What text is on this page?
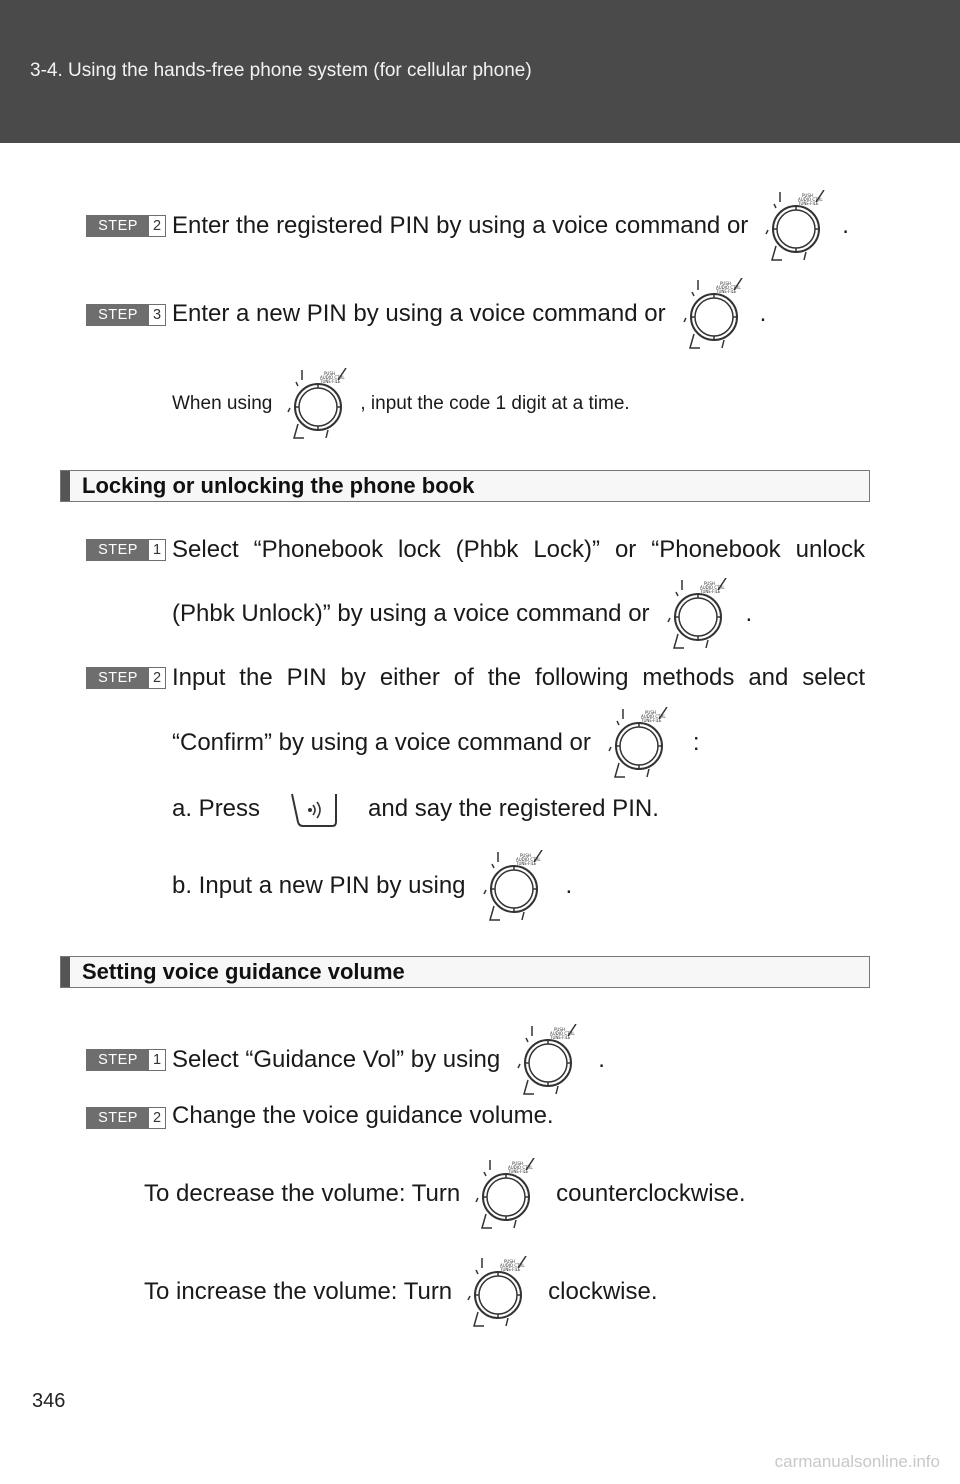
3-4. Using the hands-free phone system (for cellular phone)
STEP	2 Enter the registered PIN by using a voice command or
PUSH
AUDIO CTRL
TUNE·FILE
.
STEP	3 Enter a new PIN by using a voice command or
PUSH
AUDIO CTRL
TUNE·FILE
.
When using
PUSH
AUDIO CTRL
TUNE·FILE
, input the code 1 digit at a time.
Locking or unlocking the phone book
STEP	1 Select “Phonebook lock (Phbk Lock)” or “Phonebook unlock
(Phbk Unlock)” by using a voice command or
PUSH
AUDIO CTRL
TUNE·FILE
.
STEP	2 Input the PIN by either of the following methods and select
“Confirm” by using a voice command or
PUSH
AUDIO CTRL
TUNE·FILE
:
a. Press	and say the registered PIN.
b. Input a new PIN by using
PUSH
AUDIO CTRL
TUNE·FILE
.
Setting voice guidance volume
STEP	1 Select “Guidance Vol” by using
PUSH
AUDIO CTRL
TUNE·FILE
.
STEP	2 Change the voice guidance volume.
To decrease the volume: Turn
PUSH
AUDIO CTRL
TUNE·FILE
counterclockwise.
To increase the volume: Turn
PUSH
AUDIO CTRL
TUNE·FILE
clockwise.
346
carmanualsonline.info
